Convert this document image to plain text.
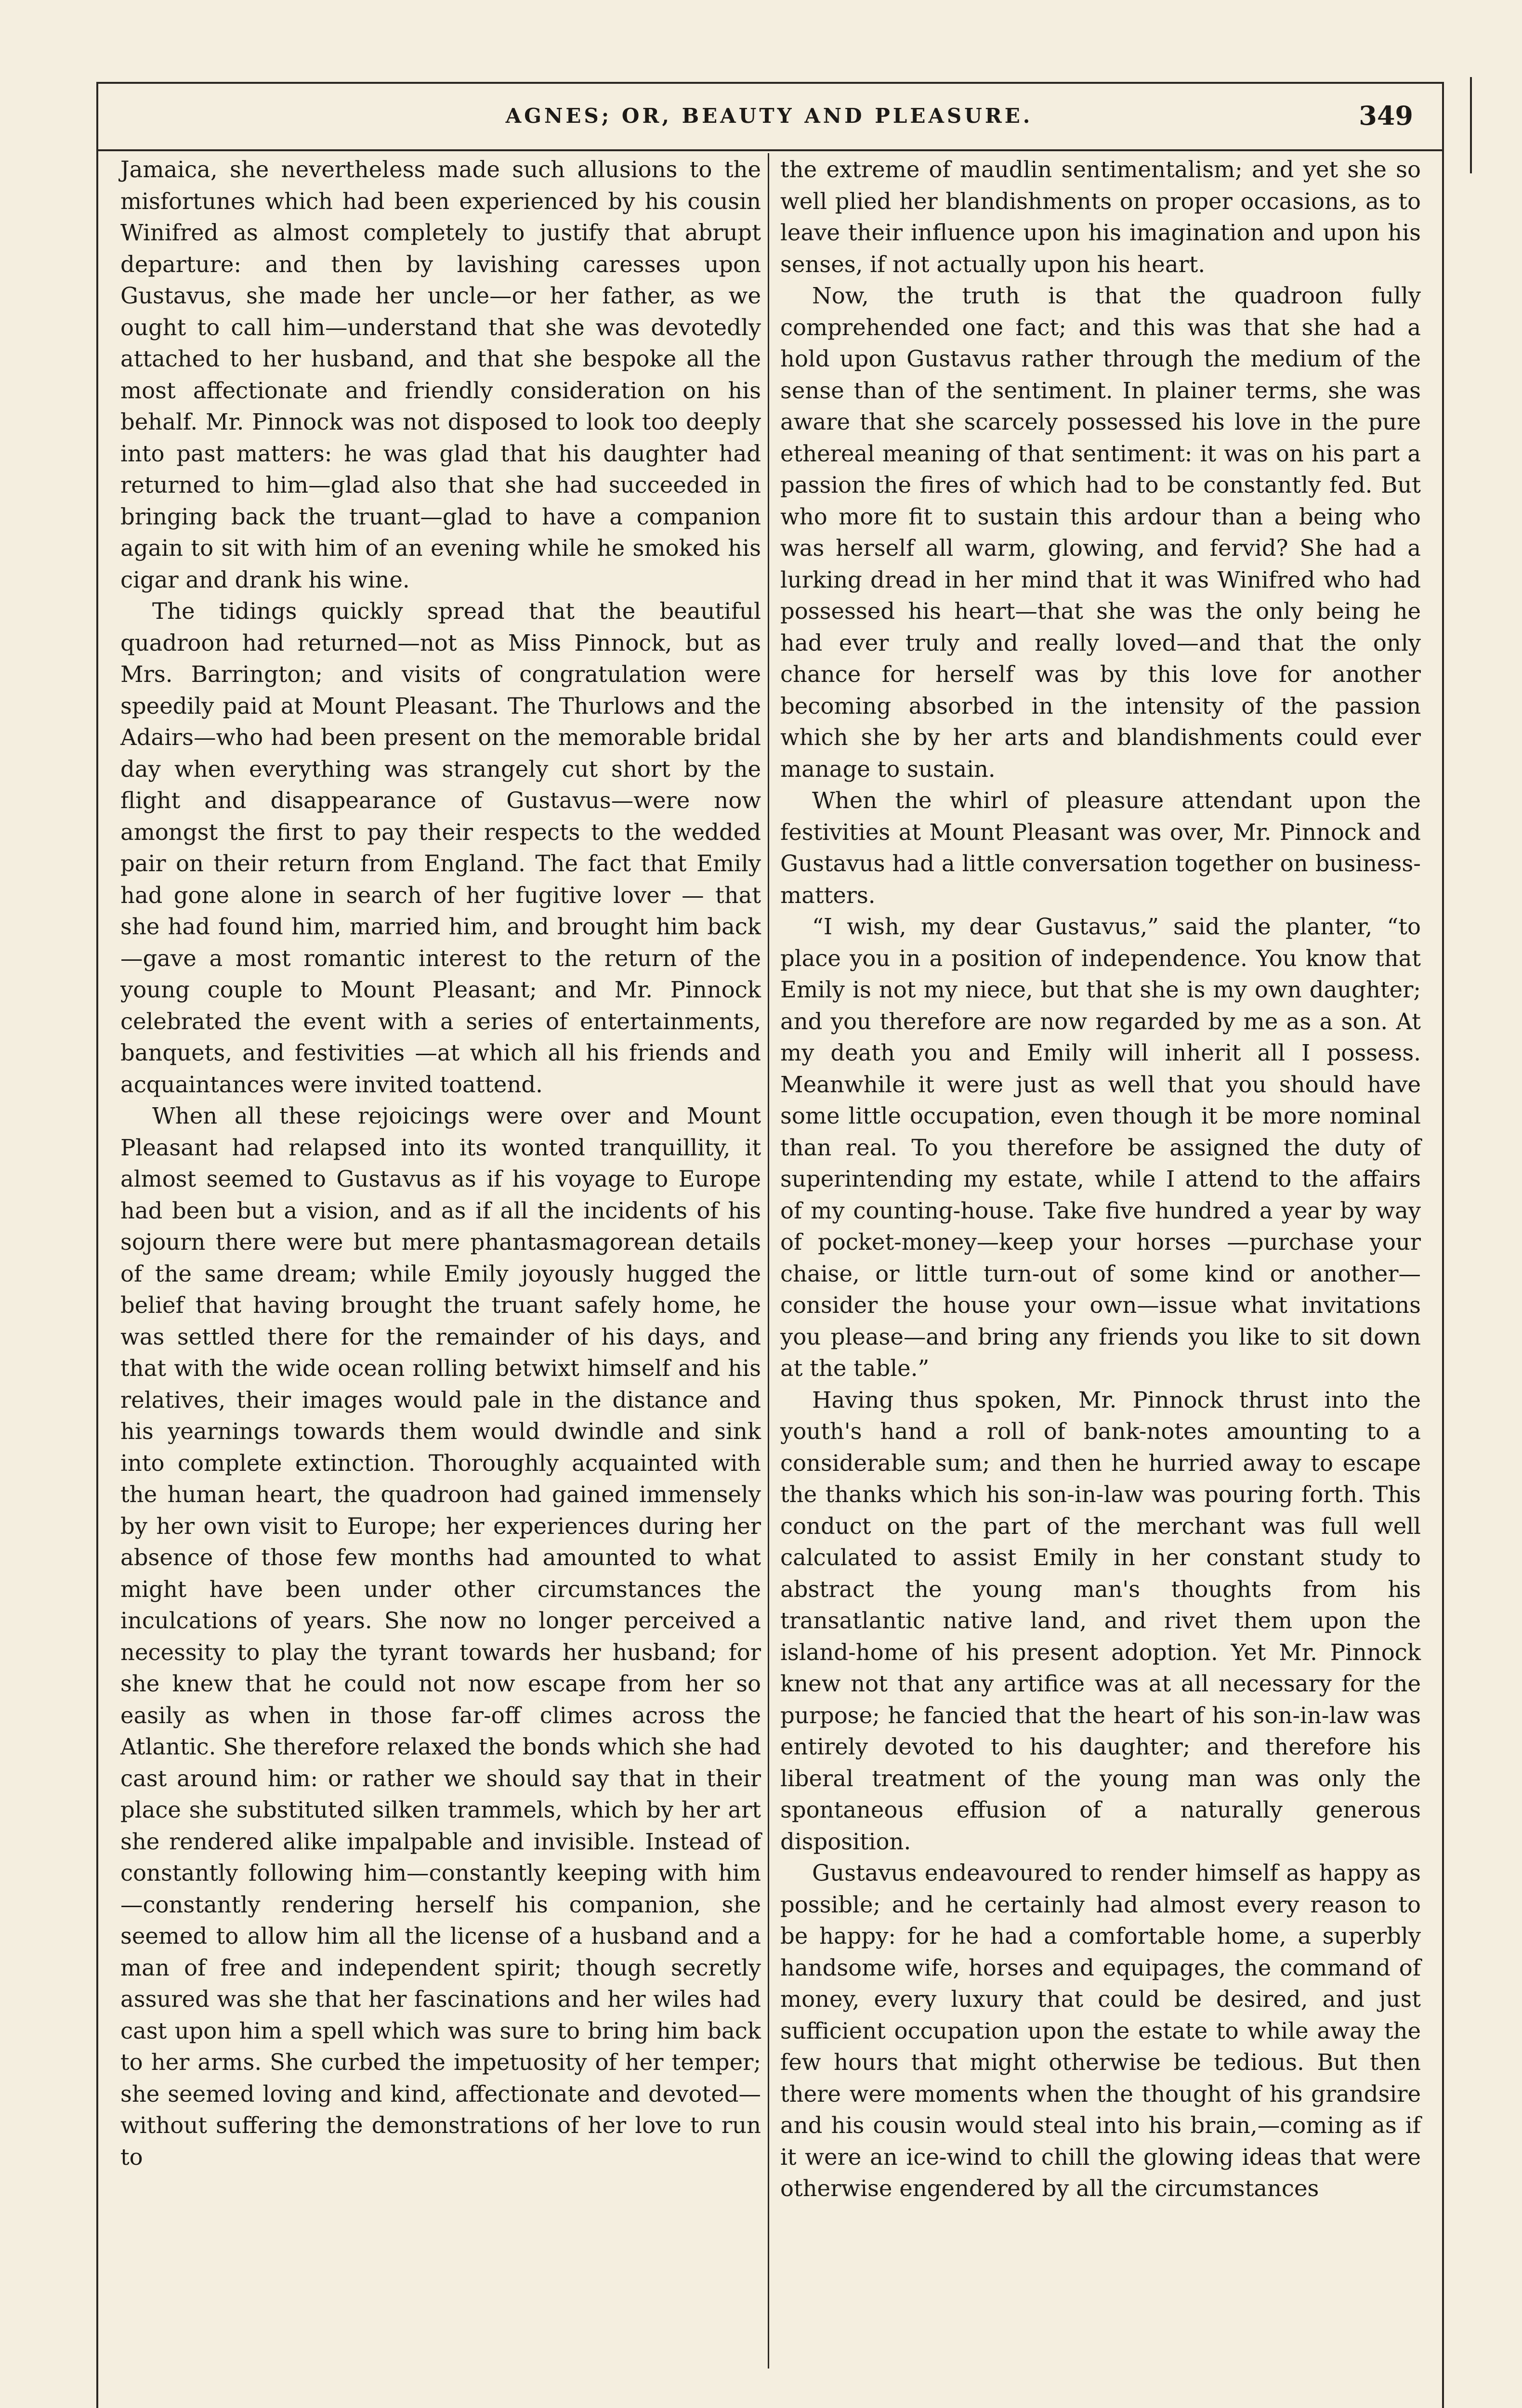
AGNES; OR, BEAUTY AND PLEASURE.	349

Jamaica, she nevertheless made such allusions to the misfortunes which had been experienced by his cousin Winifred as almost completely to justify that abrupt departure: and then by lavishing caresses upon Gustavus, she made her uncle—or her father, as we ought to call him—understand that she was devotedly attached to her husband, and that she bespoke all the most affectionate and friendly consideration on his behalf. Mr. Pinnock was not disposed to look too deeply into past matters: he was glad that his daughter had returned to him—glad also that she had succeeded in bringing back the truant—glad to have a companion again to sit with him of an evening while he smoked his cigar and drank his wine.

The tidings quickly spread that the beautiful quadroon had returned—not as Miss Pinnock, but as Mrs. Barrington; and visits of congratulation were speedily paid at Mount Pleasant. The Thurlows and the Adairs—who had been present on the memorable bridal day when everything was strangely cut short by the flight and disappearance of Gustavus—were now amongst the first to pay their respects to the wedded pair on their return from England. The fact that Emily had gone alone in search of her fugitive lover — that she had found him, married him, and brought him back—gave a most romantic interest to the return of the young couple to Mount Pleasant; and Mr. Pinnock celebrated the event with a series of entertainments, banquets, and festivities —at which all his friends and acquaintances were invited toattend.

When all these rejoicings were over and Mount Pleasant had relapsed into its wonted tranquillity, it almost seemed to Gustavus as if his voyage to Europe had been but a vision, and as if all the incidents of his sojourn there were but mere phantasmagorean details of the same dream; while Emily joyously hugged the belief that having brought the truant safely home, he was settled there for the remainder of his days, and that with the wide ocean rolling betwixt himself and his relatives, their images would pale in the distance and his yearnings towards them would dwindle and sink into complete extinction. Thoroughly acquainted with the human heart, the quadroon had gained immensely by her own visit to Europe; her experiences during her absence of those few months had amounted to what might have been under other circumstances the inculcations of years. She now no longer perceived a necessity to play the tyrant towards her husband; for she knew that he could not now escape from her so easily as when in those far-off climes across the Atlantic. She therefore relaxed the bonds which she had cast around him: or rather we should say that in their place she substituted silken trammels, which by her art she rendered alike impalpable and invisible. Instead of constantly following him—constantly keeping with him—constantly rendering herself his companion, she seemed to allow him all the license of a husband and a man of free and independent spirit; though secretly assured was she that her fascinations and her wiles had cast upon him a spell which was sure to bring him back to her arms. She curbed the impetuosity of her temper; she seemed loving and kind, affectionate and devoted—without suffering the demonstrations of her love to run to

the extreme of maudlin sentimentalism; and yet she so well plied her blandishments on proper occasions, as to leave their influence upon his imagination and upon his senses, if not actually upon his heart.

Now, the truth is that the quadroon fully comprehended one fact; and this was that she had a hold upon Gustavus rather through the medium of the sense than of the sentiment. In plainer terms, she was aware that she scarcely possessed his love in the pure ethereal meaning of that sentiment: it was on his part a passion the fires of which had to be constantly fed. But who more fit to sustain this ardour than a being who was herself all warm, glowing, and fervid? She had a lurking dread in her mind that it was Winifred who had possessed his heart—that she was the only being he had ever truly and really loved—and that the only chance for herself was by this love for another becoming absorbed in the intensity of the passion which she by her arts and blandishments could ever manage to sustain.

When the whirl of pleasure attendant upon the festivities at Mount Pleasant was over, Mr. Pinnock and Gustavus had a little conversation together on business-matters.

“I wish, my dear Gustavus,” said the planter, “to place you in a position of independence. You know that Emily is not my niece, but that she is my own daughter; and you therefore are now regarded by me as a son. At my death you and Emily will inherit all I possess. Meanwhile it were just as well that you should have some little occupation, even though it be more nominal than real. To you therefore be assigned the duty of superintending my estate, while I attend to the affairs of my counting-house. Take five hundred a year by way of pocket-money—keep your horses —purchase your chaise, or little turn-out of some kind or another—consider the house your own—issue what invitations you please—and bring any friends you like to sit down at the table.”

Having thus spoken, Mr. Pinnock thrust into the youth's hand a roll of bank-notes amounting to a considerable sum; and then he hurried away to escape the thanks which his son-in-law was pouring forth. This conduct on the part of the merchant was full well calculated to assist Emily in her constant study to abstract the young man's thoughts from his transatlantic native land, and rivet them upon the island-home of his present adoption. Yet Mr. Pinnock knew not that any artifice was at all necessary for the purpose; he fancied that the heart of his son-in-law was entirely devoted to his daughter; and therefore his liberal treatment of the young man was only the spontaneous effusion of a naturally generous disposition.

Gustavus endeavoured to render himself as happy as possible; and he certainly had almost every reason to be happy: for he had a comfortable home, a superbly handsome wife, horses and equipages, the command of money, every luxury that could be desired, and just sufficient occupation upon the estate to while away the few hours that might otherwise be tedious. But then there were moments when the thought of his grandsire and his cousin would steal into his brain,—coming as if it were an ice-wind to chill the glowing ideas that were otherwise engendered by all the circumstances
